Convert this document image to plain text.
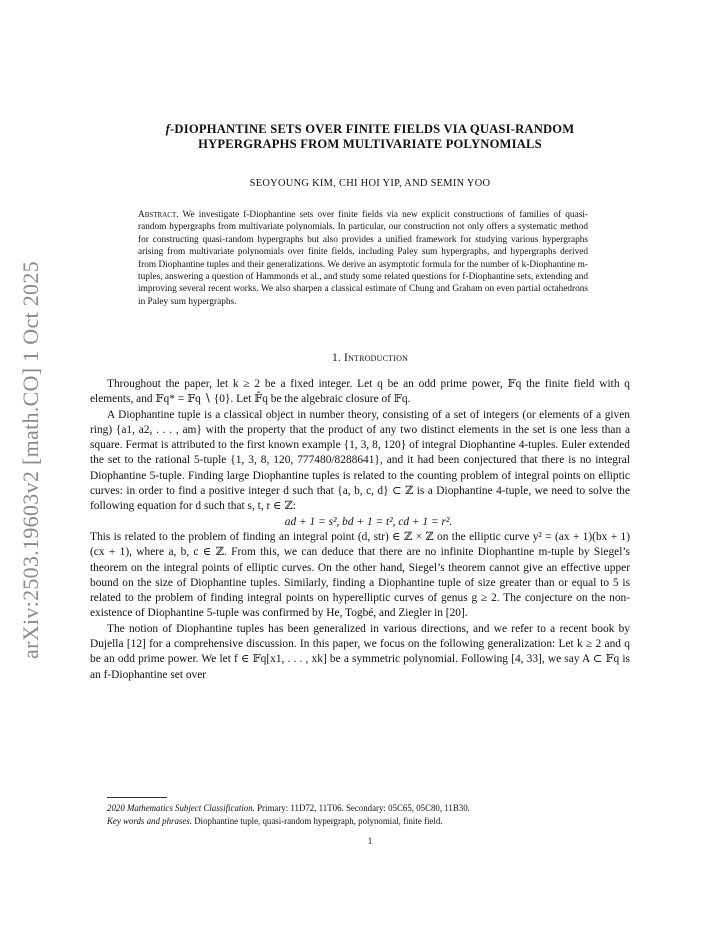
arXiv:2503.19603v2 [math.CO] 1 Oct 2025
f-DIOPHANTINE SETS OVER FINITE FIELDS VIA QUASI-RANDOM
HYPERGRAPHS FROM MULTIVARIATE POLYNOMIALS
SEOYOUNG KIM, CHI HOI YIP, AND SEMIN YOO
Abstract. We investigate f-Diophantine sets over finite fields via new explicit constructions of families of quasi-random hypergraphs from multivariate polynomials. In particular, our construction not only offers a systematic method for constructing quasi-random hypergraphs but also provides a unified framework for studying various hypergraphs arising from multivariate polynomials over finite fields, including Paley sum hypergraphs, and hypergraphs derived from Diophantine tuples and their generalizations. We derive an asymptotic formula for the number of k-Diophantine m-tuples, answering a question of Hammonds et al., and study some related questions for f-Diophantine sets, extending and improving several recent works. We also sharpen a classical estimate of Chung and Graham on even partial octahedrons in Paley sum hypergraphs.
1. Introduction

Throughout the paper, let k ≥ 2 be a fixed integer. Let q be an odd prime power, 𝔽q the finite field with q elements, and 𝔽q* = 𝔽q ∖ {0}. Let 𝔽̄q be the algebraic closure of 𝔽q.

A Diophantine tuple is a classical object in number theory, consisting of a set of integers (or elements of a given ring) {a1, a2, . . . , am} with the property that the product of any two distinct elements in the set is one less than a square. Fermat is attributed to the first known example {1, 3, 8, 120} of integral Diophantine 4-tuples. Euler extended the set to the rational 5-tuple {1, 3, 8, 120, 777480/8288641}, and it had been conjectured that there is no integral Diophantine 5-tuple. Finding large Diophantine tuples is related to the counting problem of integral points on elliptic curves: in order to find a positive integer d such that {a, b, c, d} ⊂ ℤ is a Diophantine 4-tuple, we need to solve the following equation for d such that s, t, r ∈ ℤ:

ad + 1 = s², bd + 1 = t², cd + 1 = r².

This is related to the problem of finding an integral point (d, str) ∈ ℤ × ℤ on the elliptic curve y² = (ax + 1)(bx + 1)(cx + 1), where a, b, c ∈ ℤ. From this, we can deduce that there are no infinite Diophantine m-tuple by Siegel’s theorem on the integral points of elliptic curves. On the other hand, Siegel’s theorem cannot give an effective upper bound on the size of Diophantine tuples. Similarly, finding a Diophantine tuple of size greater than or equal to 5 is related to the problem of finding integral points on hyperelliptic curves of genus g ≥ 2. The conjecture on the non-existence of Diophantine 5-tuple was confirmed by He, Togbé, and Ziegler in [20].

The notion of Diophantine tuples has been generalized in various directions, and we refer to a recent book by Dujella [12] for a comprehensive discussion. In this paper, we focus on the following generalization: Let k ≥ 2 and q be an odd prime power. We let f ∈ 𝔽q[x1, . . . , xk] be a symmetric polynomial. Following [4, 33], we say A ⊂ 𝔽q is an f-Diophantine set over

2020 Mathematics Subject Classification. Primary: 11D72, 11T06. Secondary: 05C65, 05C80, 11B30.
Key words and phrases. Diophantine tuple, quasi-random hypergraph, polynomial, finite field.
1
